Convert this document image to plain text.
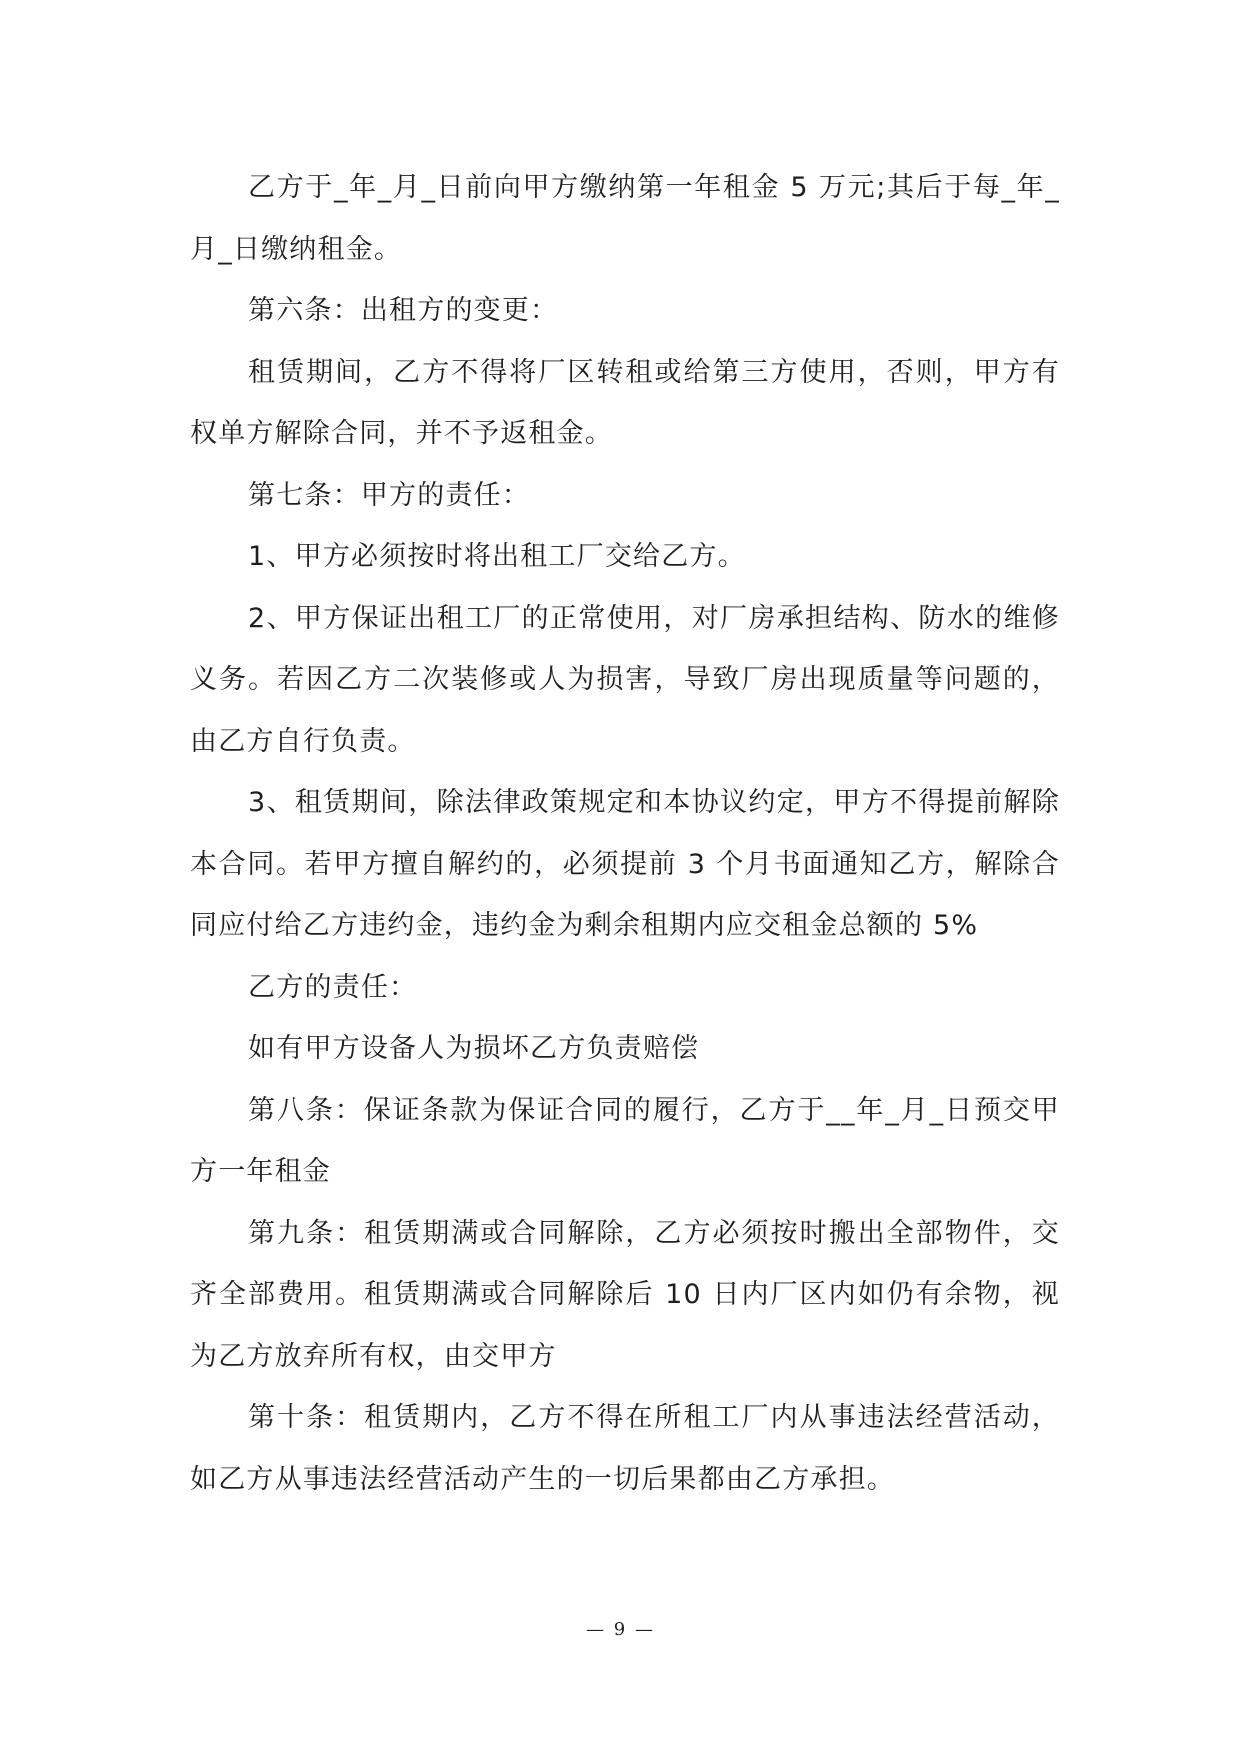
乙方于_年_月_日前向甲方缴纳第一年租金 5 万元;其后于每_年_月_日缴纳租金。

第六条：出租方的变更：

租赁期间，乙方不得将厂区转租或给第三方使用，否则，甲方有权单方解除合同，并不予返租金。

第七条：甲方的责任：

1、甲方必须按时将出租工厂交给乙方。

2、甲方保证出租工厂的正常使用，对厂房承担结构、防水的维修义务。若因乙方二次装修或人为损害，导致厂房出现质量等问题的，由乙方自行负责。

3、租赁期间，除法律政策规定和本协议约定，甲方不得提前解除本合同。若甲方擅自解约的，必须提前 3 个月书面通知乙方，解除合同应付给乙方违约金，违约金为剩余租期内应交租金总额的 5%

乙方的责任：

如有甲方设备人为损坏乙方负责赔偿

第八条：保证条款为保证合同的履行，乙方于__年_月_日预交甲方一年租金

第九条：租赁期满或合同解除，乙方必须按时搬出全部物件，交齐全部费用。租赁期满或合同解除后 10 日内厂区内如仍有余物，视为乙方放弃所有权，由交甲方

第十条：租赁期内，乙方不得在所租工厂内从事违法经营活动，如乙方从事违法经营活动产生的一切后果都由乙方承担。

— 9 —
